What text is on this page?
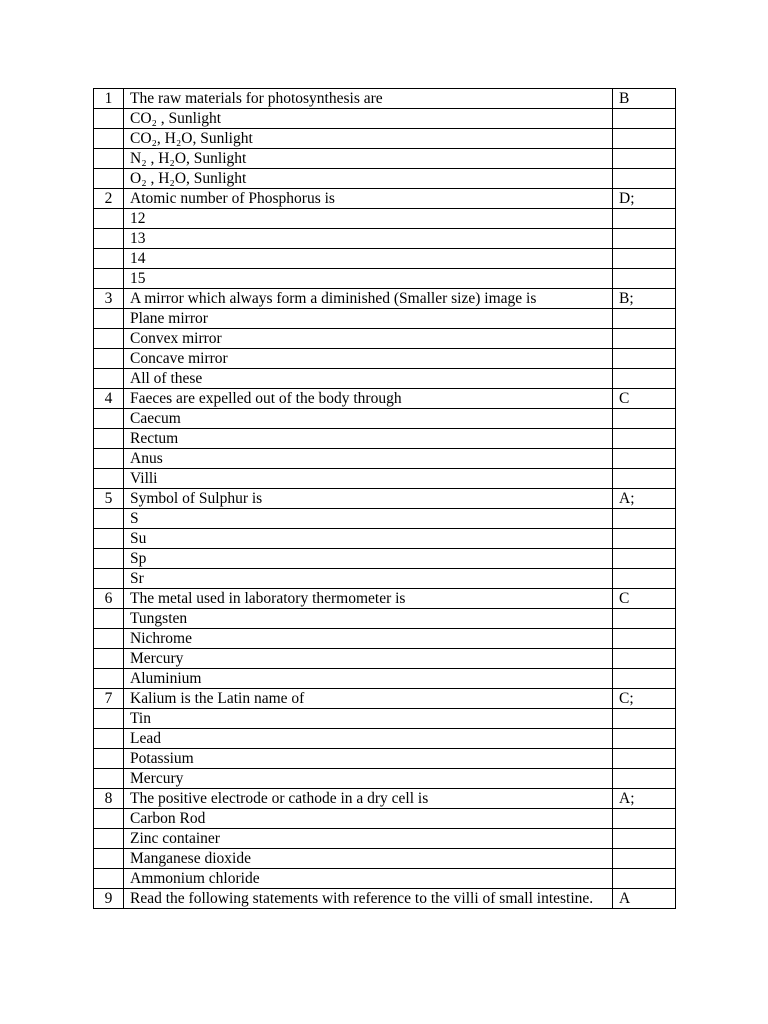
1	The raw materials for photosynthesis are	B
	CO₂ , Sunlight	
	CO₂, H₂O, Sunlight	
	N₂ , H₂O, Sunlight	
	O₂ , H₂O, Sunlight	
2	Atomic number of Phosphorus is	D;
	12	
	13	
	14	
	15	
3	A mirror which always form a diminished (Smaller size) image is	B;
	Plane mirror	
	Convex mirror	
	Concave mirror	
	All of these	
4	Faeces are expelled out of the body through	C
	Caecum	
	Rectum	
	Anus	
	Villi	
5	Symbol of Sulphur is	A;
	S	
	Su	
	Sp	
	Sr	
6	The metal used in laboratory thermometer is	C
	Tungsten	
	Nichrome	
	Mercury	
	Aluminium	
7	Kalium is the Latin name of	C;
	Tin	
	Lead	
	Potassium	
	Mercury	
8	The positive electrode or cathode in a dry cell is	A;
	Carbon Rod	
	Zinc container	
	Manganese dioxide	
	Ammonium chloride	
9	Read the following statements with reference to the villi of small intestine.	A
